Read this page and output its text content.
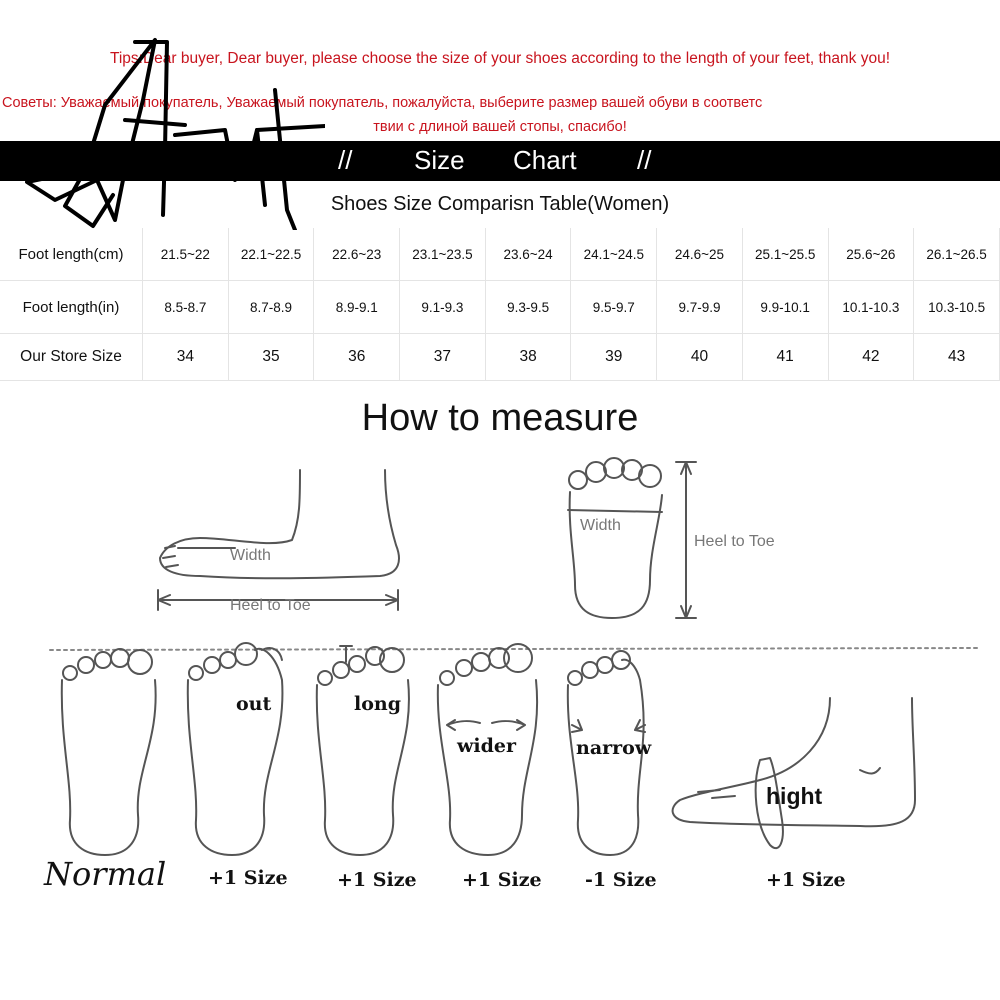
Tips:Dear buyer, Dear buyer, please choose the size of your shoes according to the length of your feet, thank you!
Советы: Уважаемый покупатель, Уважаемый покупатель, пожалуйста, выберите размер вашей обуви в соответс
твии с длиной вашей стопы, спасибо!
// Size Chart //
Shoes Size Comparisn Table(Women)
Foot length(cm)	21.5~22	22.1~22.5	22.6~23	23.1~23.5	23.6~24	24.1~24.5	24.6~25	25.1~25.5	25.6~26	26.1~26.5
Foot length(in)	8.5-8.7	8.7-8.9	8.9-9.1	9.1-9.3	9.3-9.5	9.5-9.7	9.7-9.9	9.9-10.1	10.1-10.3	10.3-10.5
Our Store Size	34	35	36	37	38	39	40	41	42	43
How to measure
Width
Heel to Toe
Width
Heel to Toe
out	long
wider	narrow
hight
Normal +1 Size	+1 Size +1 Size -1 Size	+1 Size
